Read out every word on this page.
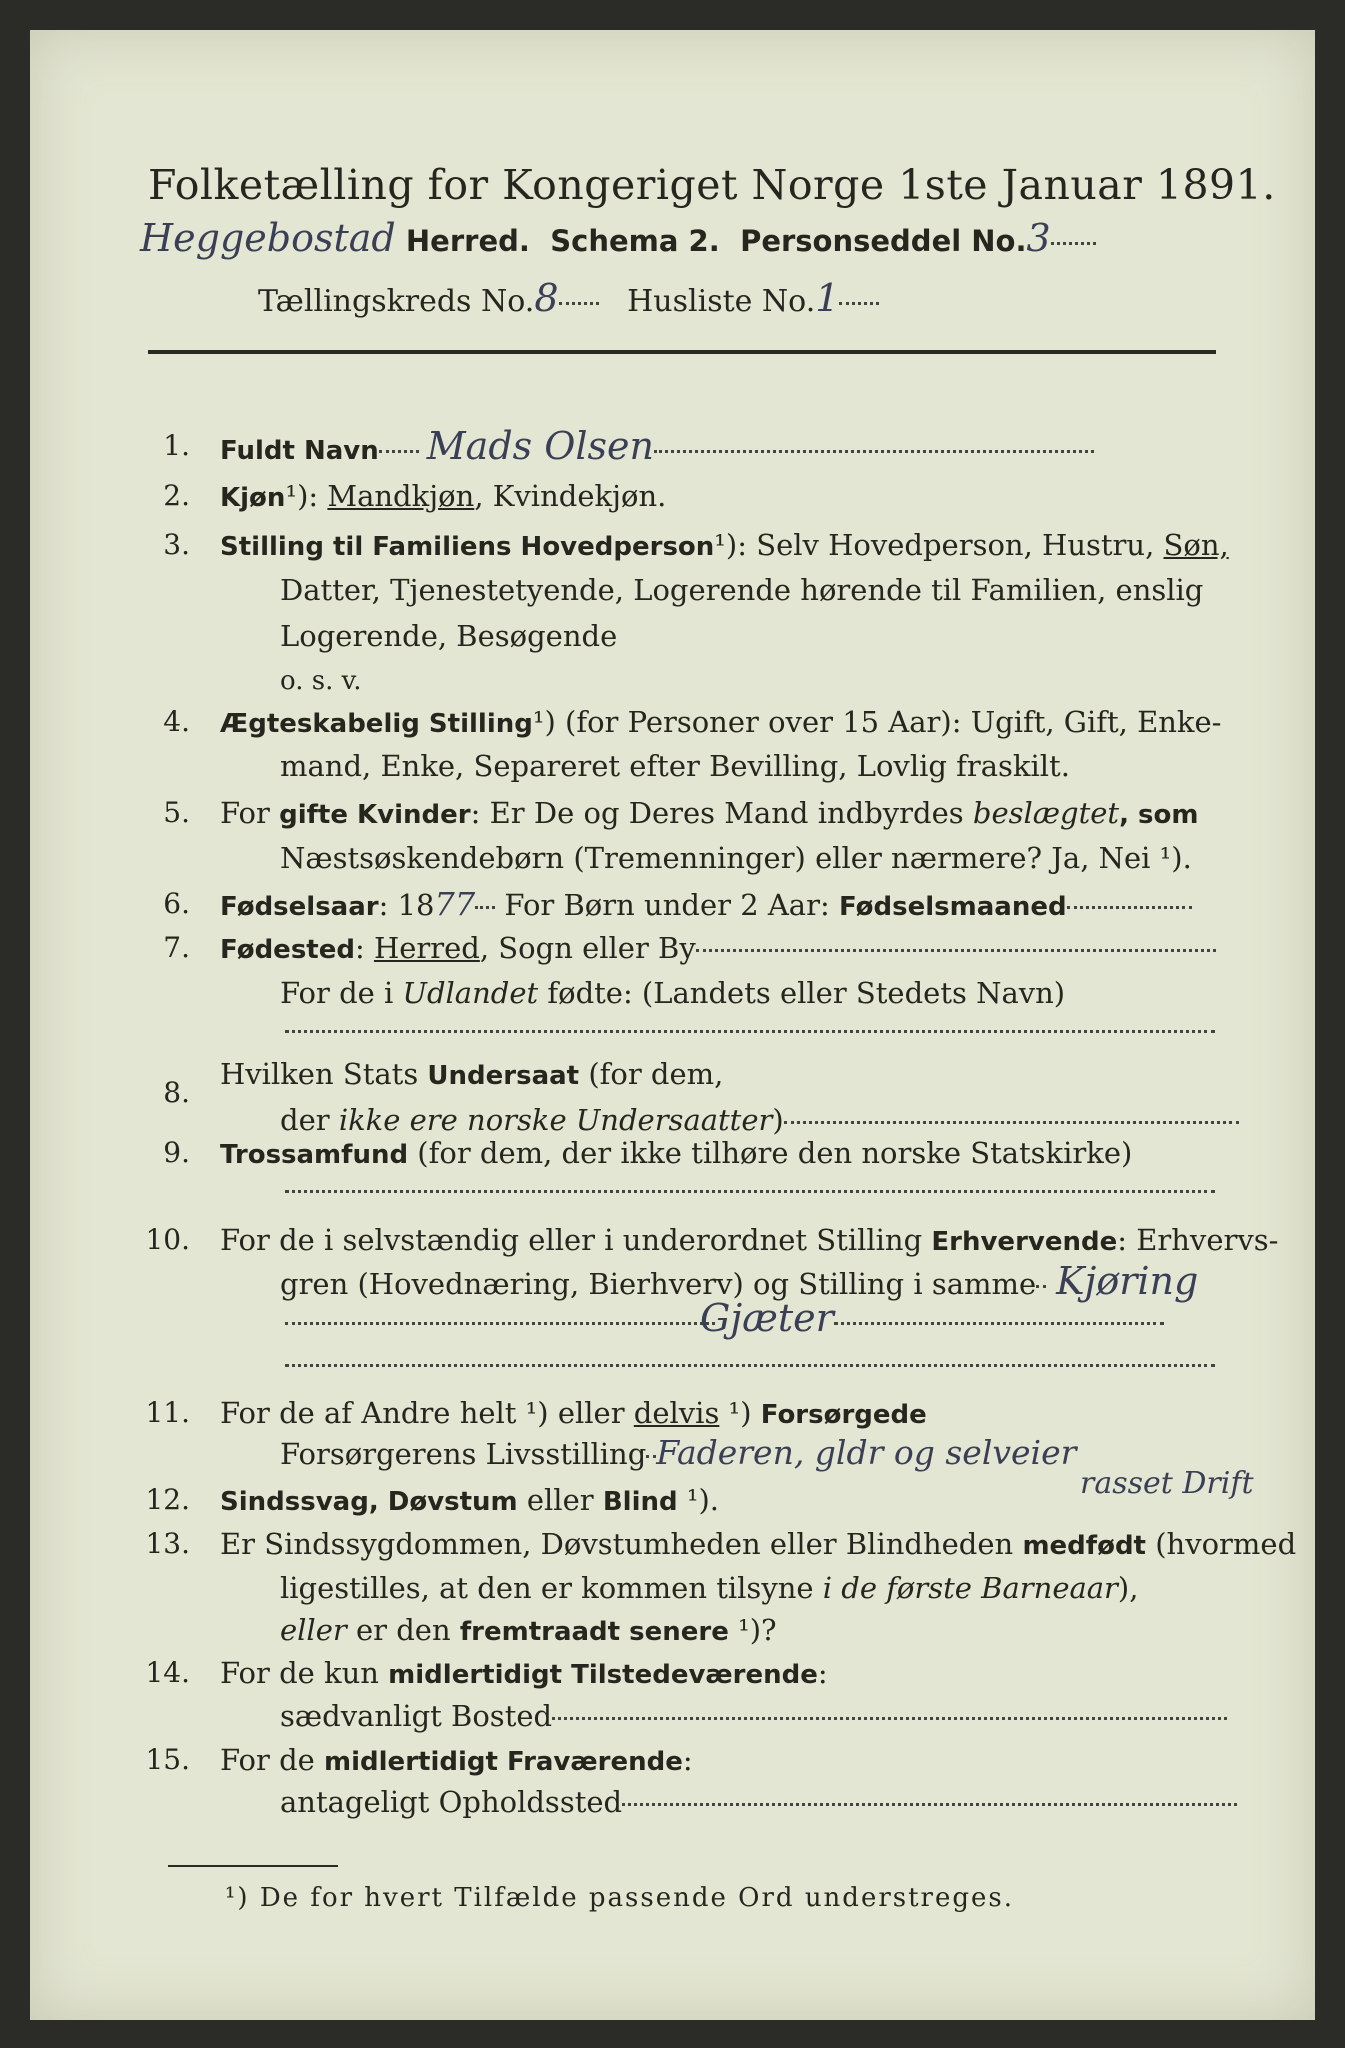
Folketælling for Kongeriget Norge 1ste Januar 1891.
Heggebostad Herred. Schema 2. Personseddel No.3
Tællingskreds No.8 Husliste No.1
1. Fuldt Navn Mads Olsen
2. Kjøn¹): Mandkjøn, Kvindekjøn.
3. Stilling til Familiens Hovedperson¹): Selv Hovedperson, Hustru, Søn,
Datter, Tjenestetyende, Logerende hørende til Familien, enslig
Logerende, Besøgende
o. s. v.
4. Ægteskabelig Stilling¹) (for Personer over 15 Aar): Ugift, Gift, Enke-
mand, Enke, Separeret efter Bevilling, Lovlig fraskilt.
5. For gifte Kvinder: Er De og Deres Mand indbyrdes beslægtet, som
Næstsøskendebørn (Tremenninger) eller nærmere? Ja, Nei ¹).
6. Fødselsaar: 1877 For Børn under 2 Aar: Fødselsmaaned
7. Fødested: Herred, Sogn eller By
For de i Udlandet fødte: (Landets eller Stedets Navn)
8.
Hvilken Stats Undersaat (for dem,
der ikke ere norske Undersaatter)
9. Trossamfund (for dem, der ikke tilhøre den norske Statskirke)
10. For de i selvstændig eller i underordnet Stilling Erhvervende: Erhvervs-
gren (Hovednæring, Bierhverv) og Stilling i samme Kjøring
Gjæter
11. For de af Andre helt ¹) eller delvis ¹) Forsørgede
Forsørgerens Livsstilling Faderen, gldr og selveier
rasset Drift
12. Sindssvag, Døvstum eller Blind ¹).
13. Er Sindssygdommen, Døvstumheden eller Blindheden medfødt (hvormed
ligestilles, at den er kommen tilsyne i de første Barneaar),
eller er den fremtraadt senere ¹)?
14. For de kun midlertidigt Tilstedeværende:
sædvanligt Bosted
15. For de midlertidigt Fraværende:
antageligt Opholdssted
¹) De for hvert Tilfælde passende Ord understreges.
